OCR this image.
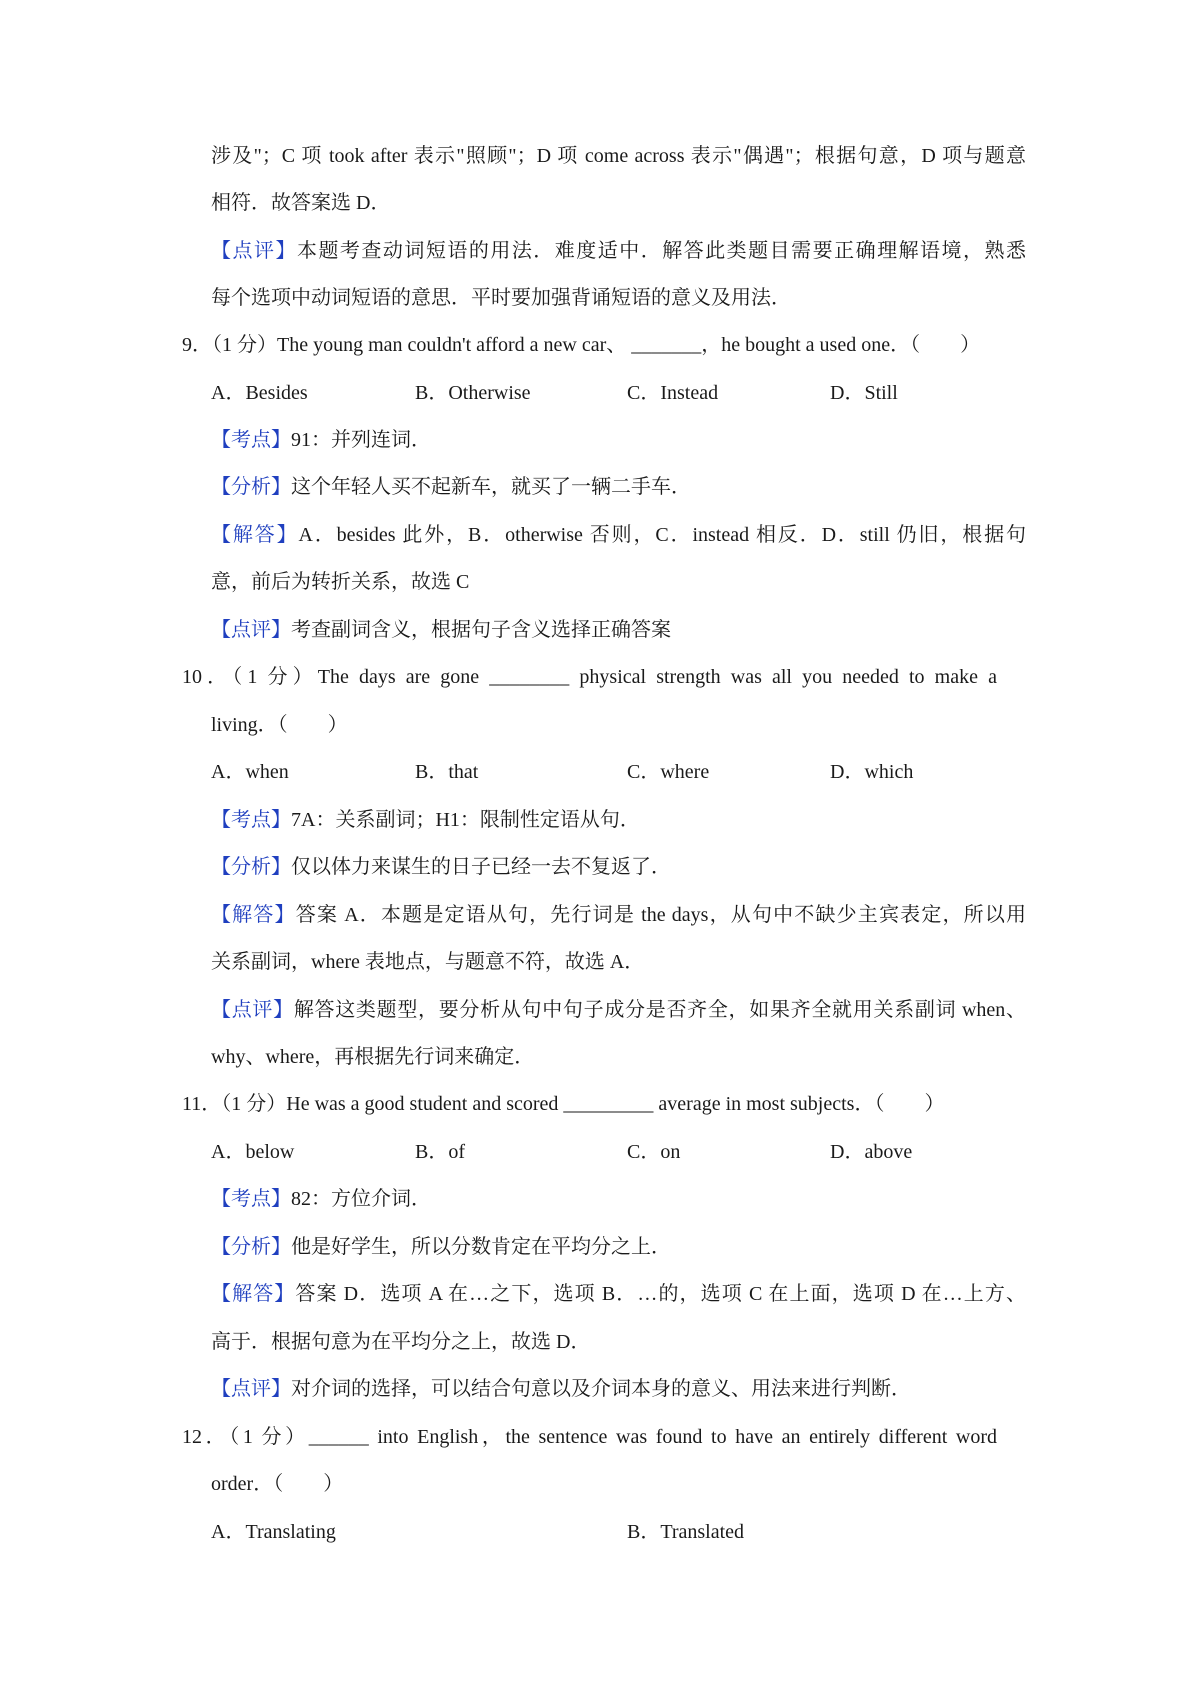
涉及"；C 项 took after 表示"照顾"；D 项 come across 表示"偶遇"；根据句意，D 项与题意
相符．故答案选 D．
【点评】本题考查动词短语的用法．难度适中．解答此类题目需要正确理解语境，熟悉
每个选项中动词短语的意思．平时要加强背诵短语的意义及用法．
9．（1 分）The young man couldn't afford a new car、 _______，he bought a used one．（　　）
A．Besides	B．Otherwise	C．Instead	D．Still
【考点】91：并列连词．
【分析】这个年轻人买不起新车，就买了一辆二手车．
【解答】A．besides 此外，B．otherwise 否则，C．instead 相反．D．still 仍旧，根据句
意，前后为转折关系，故选 C
【点评】考查副词含义，根据句子含义选择正确答案
10．（1 分）The days are gone ________ physical strength was all you needed to make a
living．（　　）
A．when	B．that	C．where	D．which
【考点】7A：关系副词；H1：限制性定语从句．
【分析】仅以体力来谋生的日子已经一去不复返了．
【解答】答案 A．本题是定语从句，先行词是 the days，从句中不缺少主宾表定，所以用
关系副词，where 表地点，与题意不符，故选 A．
【点评】解答这类题型，要分析从句中句子成分是否齐全，如果齐全就用关系副词 when、
why、where，再根据先行词来确定．
11．（1 分）He was a good student and scored _________ average in most subjects．（　　）
A．below	B．of	C．on	D．above
【考点】82：方位介词．
【分析】他是好学生，所以分数肯定在平均分之上．
【解答】答案 D．选项 A 在…之下，选项 B．…的，选项 C 在上面，选项 D 在…上方、
高于．根据句意为在平均分之上，故选 D．
【点评】对介词的选择，可以结合句意以及介词本身的意义、用法来进行判断．
12．（1 分）______ into English，the sentence was found to have an entirely different word
order．（　　）
A．Translating	B．Translated
